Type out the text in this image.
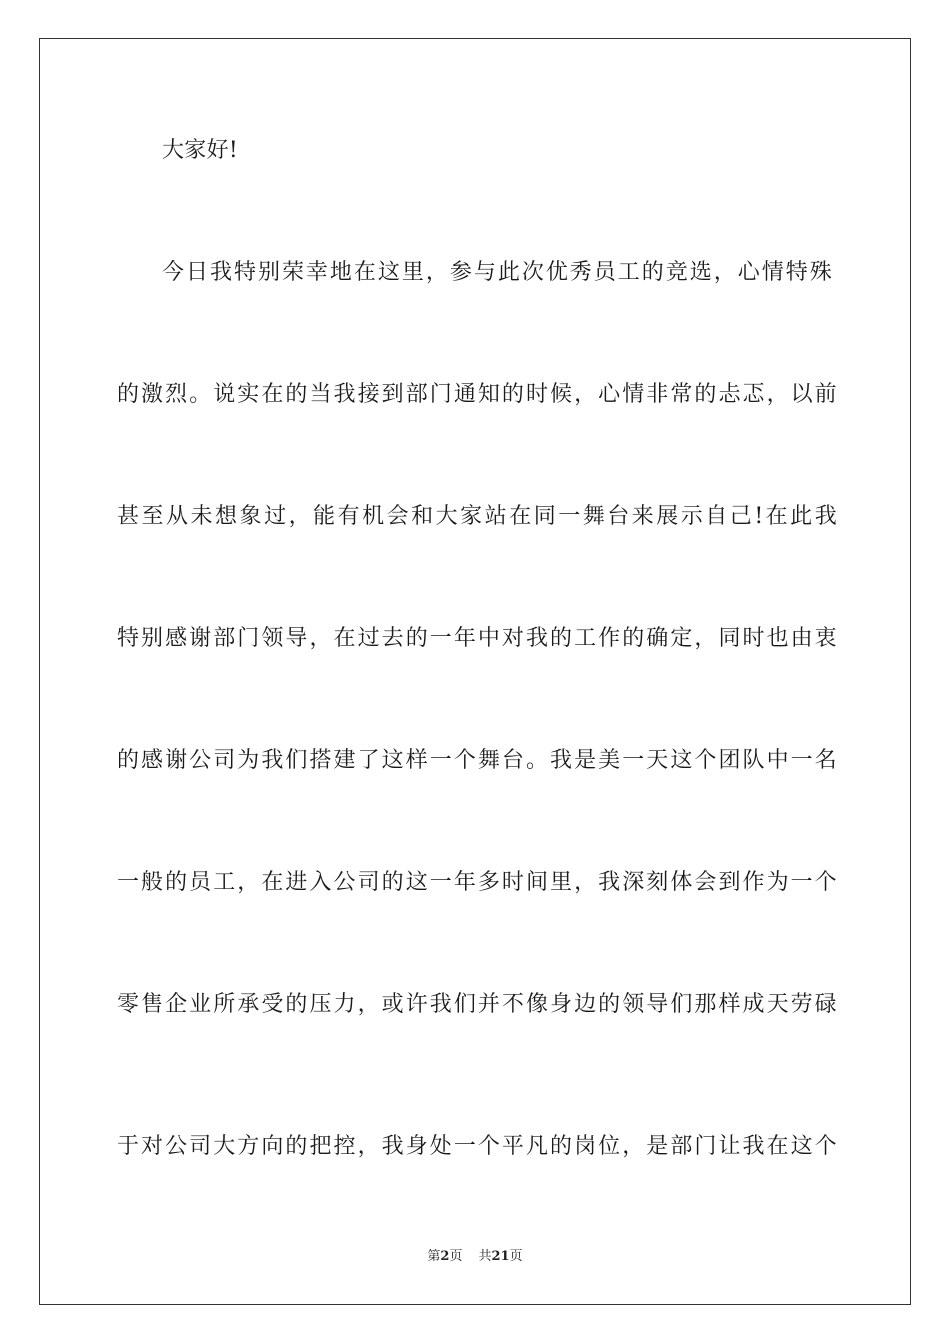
大家好!
今日我特别荣幸地在这里，参与此次优秀员工的竞选，心情特殊
的激烈。说实在的当我接到部门通知的时候，心情非常的忐忑，以前
甚至从未想象过，能有机会和大家站在同一舞台来展示自己!在此我
特别感谢部门领导，在过去的一年中对我的工作的确定，同时也由衷
的感谢公司为我们搭建了这样一个舞台。我是美一天这个团队中一名
一般的员工，在进入公司的这一年多时间里，我深刻体会到作为一个
零售企业所承受的压力，或许我们并不像身边的领导们那样成天劳碌
于对公司大方向的把控，我身处一个平凡的岗位，是部门让我在这个
第2页 共21页
